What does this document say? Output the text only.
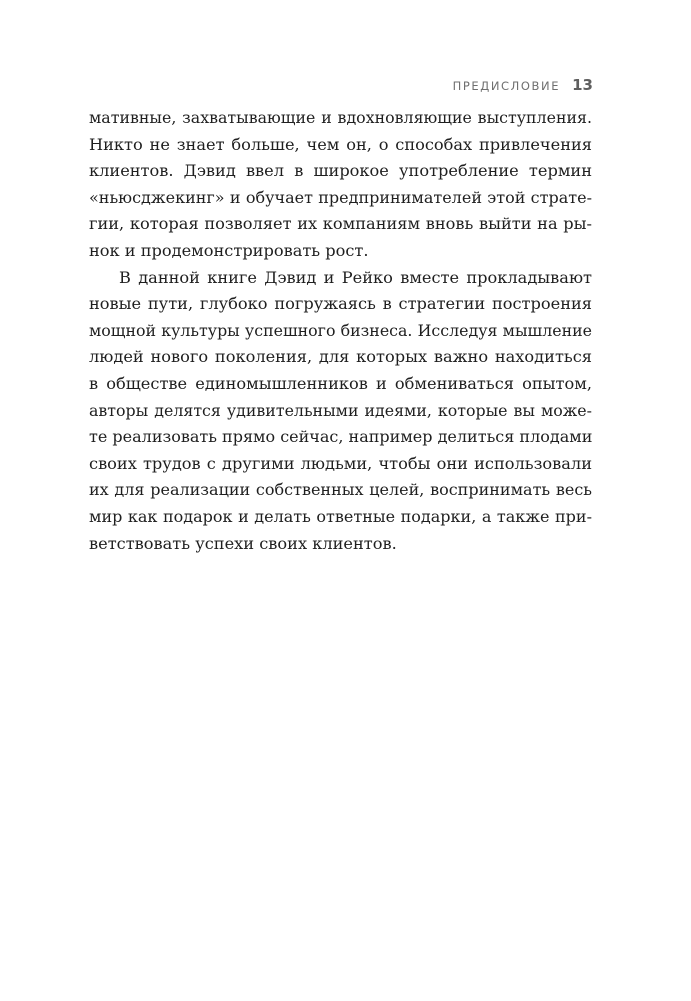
ПРЕДИСЛОВИЕ 13
мативные, захватывающие и вдохновляющие выступления.
Никто не знает больше, чем он, о способах привлечения
клиентов. Дэвид ввел в широкое употребление термин
«ньюсджекинг» и обучает предпринимателей этой страте-
гии, которая позволяет их компаниям вновь выйти на ры-
нок и продемонстрировать рост.
В данной книге Дэвид и Рейко вместе прокладывают
новые пути, глубоко погружаясь в стратегии построения
мощной культуры успешного бизнеса. Исследуя мышление
людей нового поколения, для которых важно находиться
в обществе единомышленников и обмениваться опытом,
авторы делятся удивительными идеями, которые вы може-
те реализовать прямо сейчас, например делиться плодами
своих трудов с другими людьми, чтобы они использовали
их для реализации собственных целей, воспринимать весь
мир как подарок и делать ответные подарки, а также при-
ветствовать успехи своих клиентов.
